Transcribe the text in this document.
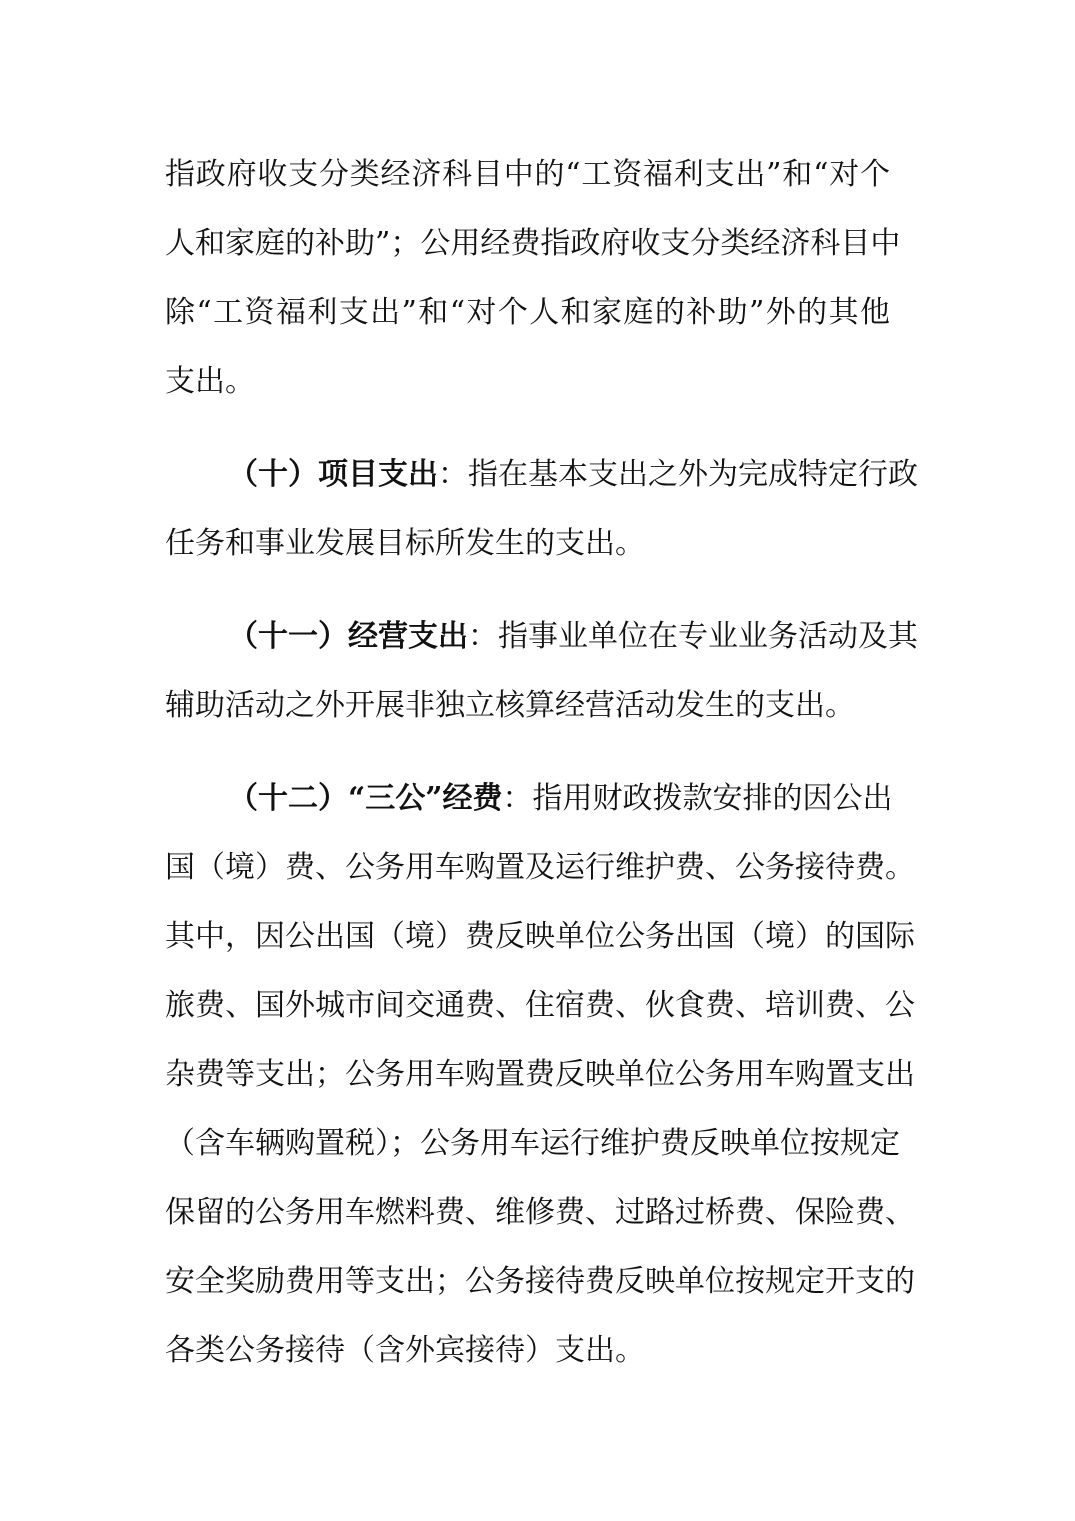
指政府收支分类经济科目中的“工资福利支出”和“对个
人和家庭的补助”；公用经费指政府收支分类经济科目中
除“工资福利支出”和“对个人和家庭的补助”外的其他
支出。
（十）项目支出：指在基本支出之外为完成特定行政
任务和事业发展目标所发生的支出。
（十一）经营支出：指事业单位在专业业务活动及其
辅助活动之外开展非独立核算经营活动发生的支出。
（十二）“三公”经费：指用财政拨款安排的因公出
国（境）费、公务用车购置及运行维护费、公务接待费。
其中，因公出国（境）费反映单位公务出国（境）的国际
旅费、国外城市间交通费、住宿费、伙食费、培训费、公
杂费等支出；公务用车购置费反映单位公务用车购置支出
（含车辆购置税）；公务用车运行维护费反映单位按规定
保留的公务用车燃料费、维修费、过路过桥费、保险费、
安全奖励费用等支出；公务接待费反映单位按规定开支的
各类公务接待（含外宾接待）支出。
